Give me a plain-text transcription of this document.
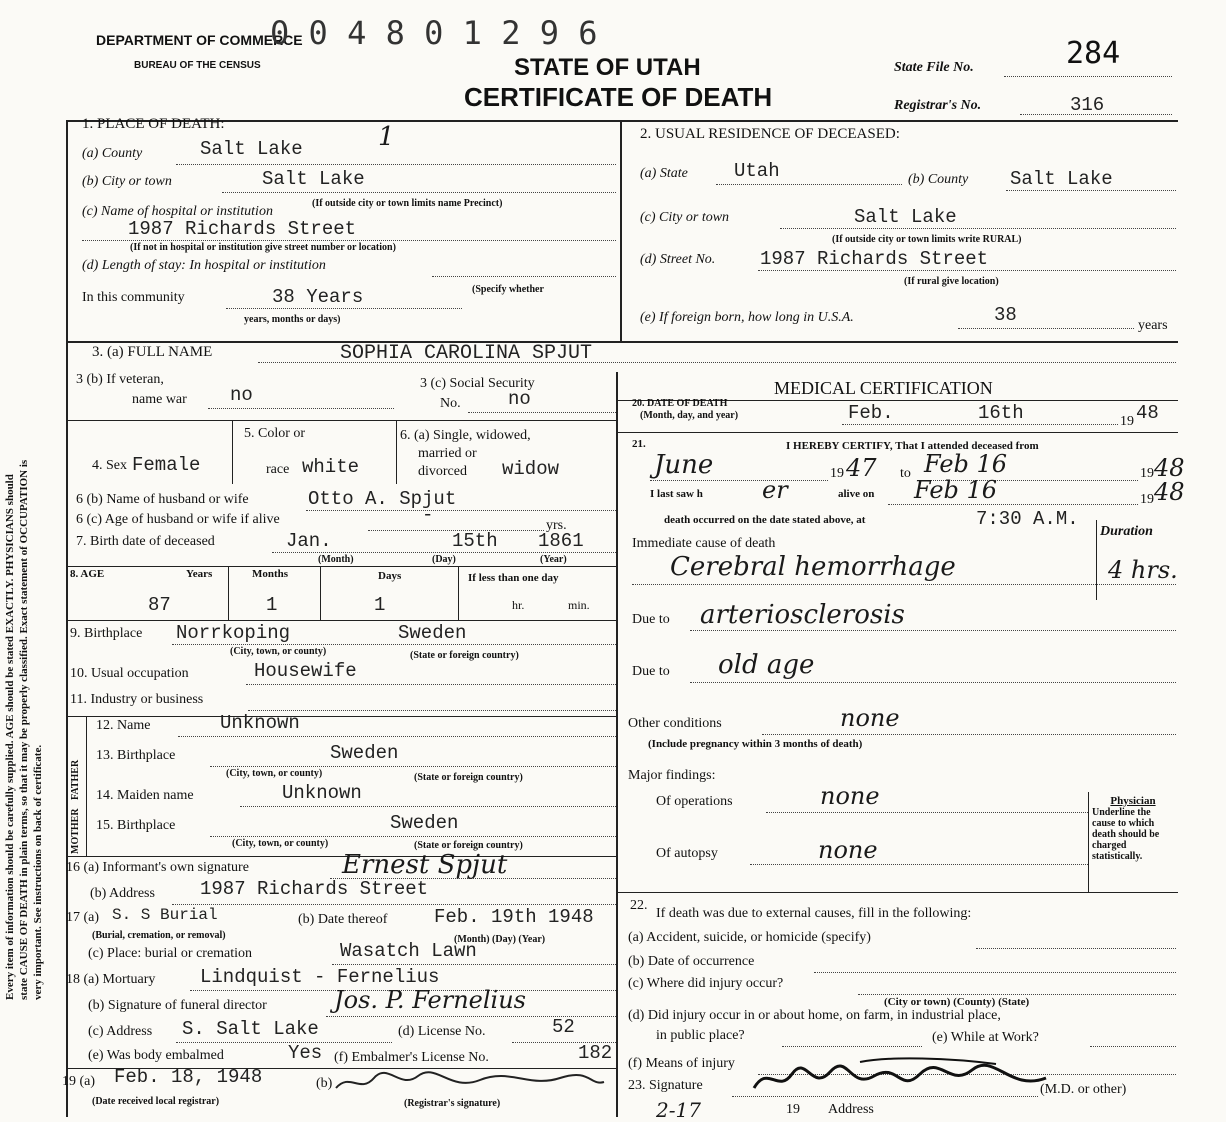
Every item of information should be carefully supplied. AGE should be stated EXACTLY. PHYSICIANS should state CAUSE OF DEATH in plain terms, so that it may be properly classified. Exact statement of OCCUPATION is very important. See instructions on back of certificate.
DEPARTMENT OF COMMERCE
BUREAU OF THE CENSUS
0 0 4 8 0 1 2 9 6
STATE OF UTAH
CERTIFICATE OF DEATH
State File No.	284
Registrar's No.	316
1. PLACE OF DEATH:
(a) County	Salt Lake	1
(b) City or town	Salt Lake
(If outside city or town limits name Precinct)
(c) Name of hospital or institution
1987 Richards Street
(If not in hospital or institution give street number or location)
(d) Length of stay: In hospital or institution
(Specify whether
In this community	38 Years
years, months or days)
2. USUAL RESIDENCE OF DECEASED:
(a) State Utah	(b) County Salt Lake
(c) City or town	Salt Lake
(If outside city or town limits write RURAL)
(d) Street No. 1987 Richards Street
(If rural give location)
(e) If foreign born, how long in U.S.A.	38	years
3. (a) FULL NAME	SOPHIA CAROLINA SPJUT
3 (b) If veteran,
name war no
3 (c) Social Security
No. no
4. Sex Female
5. Color or
race white
6. (a) Single, widowed,
married or
divorced widow
6 (b) Name of husband or wife	Otto A. Spjut
6 (c) Age of husband or wife if alive	-	yrs.
7. Birth date of deceased	Jan.	15th 1861
(Month)	(Day)	(Year)
8. AGE	Years	Months	Days	If less than one day
87	1	1	hr.	min.
9. Birthplace Norrkoping	Sweden
(City, town, or county)	(State or foreign country)
10. Usual occupation	Housewife
11. Industry or business
FATHER
MOTHER
12. Name	Unknown
13. Birthplace	Sweden
(City, town, or county)	(State or foreign country)
14. Maiden name	Unknown
15. Birthplace	Sweden
(City, town, or county)	(State or foreign country)
16 (a) Informant's own signature	Ernest Spjut
(b) Address 1987 Richards Street
17 (a) S. S Burial	(b) Date thereof Feb. 19th 1948
(Burial, cremation, or removal)	(Month) (Day) (Year)
(c) Place: burial or cremation	Wasatch Lawn
18 (a) Mortuary Lindquist - Fernelius
(b) Signature of funeral director	Jos. P. Fernelius
(c) Address S. Salt Lake	(d) License No.	52
(e) Was body embalmed	Yes (f) Embalmer's License No.	182
19 (a) Feb. 18, 1948
(Date received local registrar)
(b)
(Registrar's signature)
MEDICAL CERTIFICATION
20. DATE OF DEATH
(Month, day, and year)	Feb.	16th	19 48
21.	I HEREBY CERTIFY, That I attended deceased from
June	19 47 to Feb 16	19 48
I last saw h er	alive on Feb 16	19 48
death occurred on the date stated above, at	7:30 A.M.
Duration
Immediate cause of death
Cerebral hemorrhage	4 hrs.
Due to arteriosclerosis
Due to old age
Other conditions	none
(Include pregnancy within 3 months of death)
Major findings:
Of operations	none
Of autopsy	none
Physician
Underline the cause to which death should be charged statistically.
22.
If death was due to external causes, fill in the following:
(a) Accident, suicide, or homicide (specify)
(b) Date of occurrence
(c) Where did injury occur?
(City or town) (County) (State)
(d) Did injury occur in or about home, on farm, in industrial place,
in public place?	(e) While at Work?
(f) Means of injury
23. Signature	(M.D. or other)
2-17	19 Address
